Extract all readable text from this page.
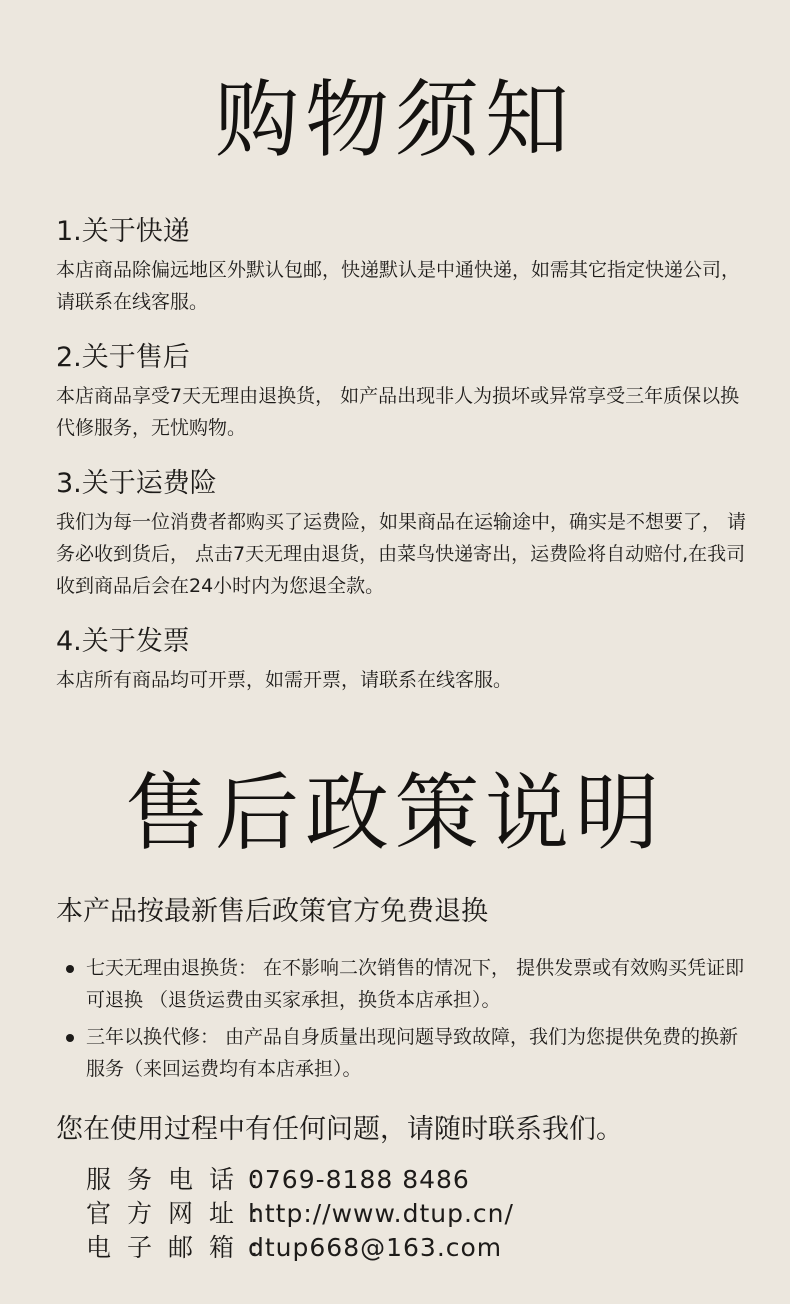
购物须知
1.关于快递
本店商品除偏远地区外默认包邮，快递默认是中通快递，如需其它指定快递公司，请联系在线客服。
2.关于售后
本店商品享受7天无理由退换货， 如产品出现非人为损坏或异常享受三年质保以换代修服务，无忧购物。
3.关于运费险
我们为每一位消费者都购买了运费险，如果商品在运输途中，确实是不想要了， 请务必收到货后， 点击7天无理由退货，由菜鸟快递寄出，运费险将自动赔付,在我司收到商品后会在24小时内为您退全款。
4.关于发票
本店所有商品均可开票，如需开票，请联系在线客服。
售后政策说明
本产品按最新售后政策官方免费退换
七天无理由退换货： 在不影响二次销售的情况下， 提供发票或有效购买凭证即可退换 （退货运费由买家承担，换货本店承担）。
三年以换代修： 由产品自身质量出现问题导致故障，我们为您提供免费的换新服务（来回运费均有本店承担）。
您在使用过程中有任何问题，请随时联系我们。
服务电话:
0769-8188 8486
官方网址:
http://www.dtup.cn/
电子邮箱:
dtup668@163.com
